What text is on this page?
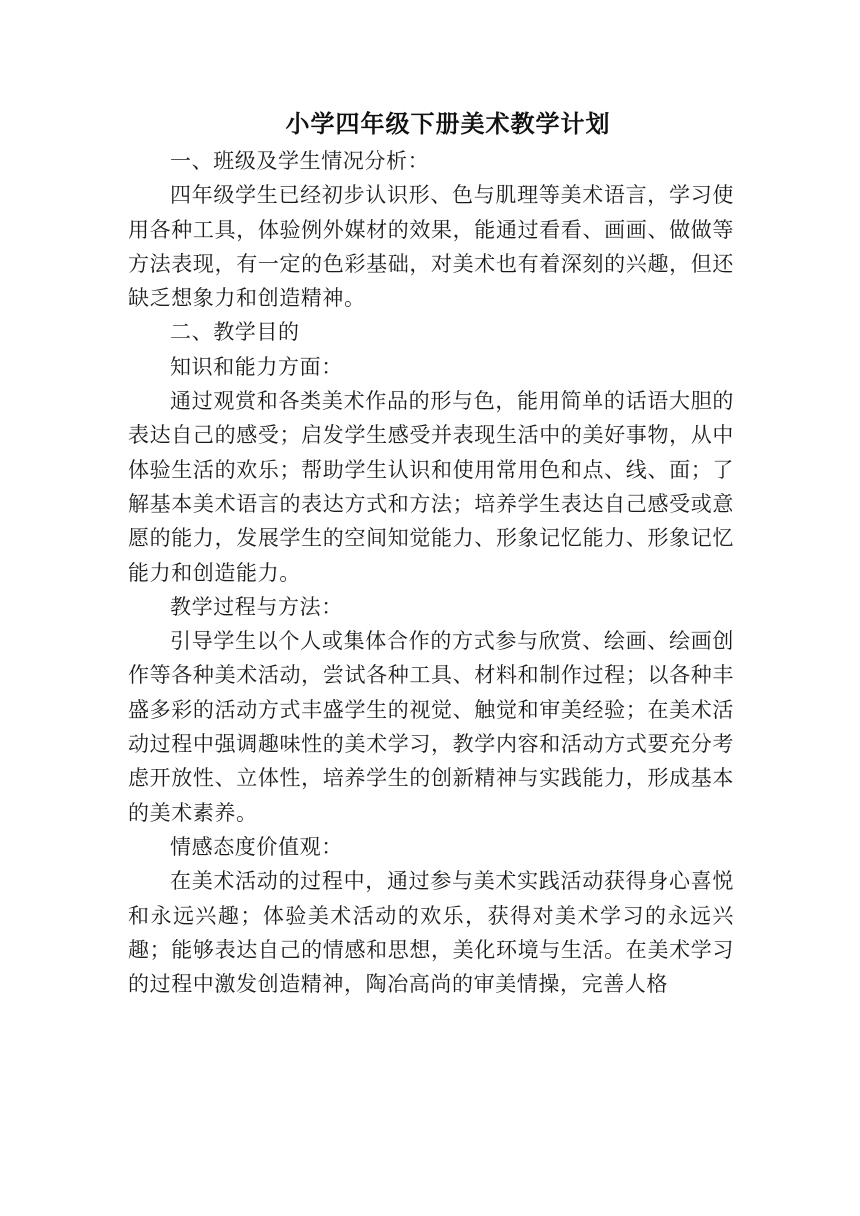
小学四年级下册美术教学计划

一、班级及学生情况分析：

四年级学生已经初步认识形、色与肌理等美术语言，学习使用各种工具，体验例外媒材的效果，能通过看看、画画、做做等方法表现，有一定的色彩基础，对美术也有着深刻的兴趣，但还缺乏想象力和创造精神。

二、教学目的

知识和能力方面：

通过观赏和各类美术作品的形与色，能用简单的话语大胆的表达自己的感受；启发学生感受并表现生活中的美好事物，从中体验生活的欢乐；帮助学生认识和使用常用色和点、线、面；了解基本美术语言的表达方式和方法；培养学生表达自己感受或意愿的能力，发展学生的空间知觉能力、形象记忆能力、形象记忆能力和创造能力。

教学过程与方法：

引导学生以个人或集体合作的方式参与欣赏、绘画、绘画创作等各种美术活动，尝试各种工具、材料和制作过程；以各种丰盛多彩的活动方式丰盛学生的视觉、触觉和审美经验；在美术活动过程中强调趣味性的美术学习，教学内容和活动方式要充分考虑开放性、立体性，培养学生的创新精神与实践能力，形成基本的美术素养。

情感态度价值观：

在美术活动的过程中，通过参与美术实践活动获得身心喜悦和永远兴趣；体验美术活动的欢乐，获得对美术学习的永远兴趣；能够表达自己的情感和思想，美化环境与生活。在美术学习的过程中激发创造精神，陶冶高尚的审美情操，完善人格
